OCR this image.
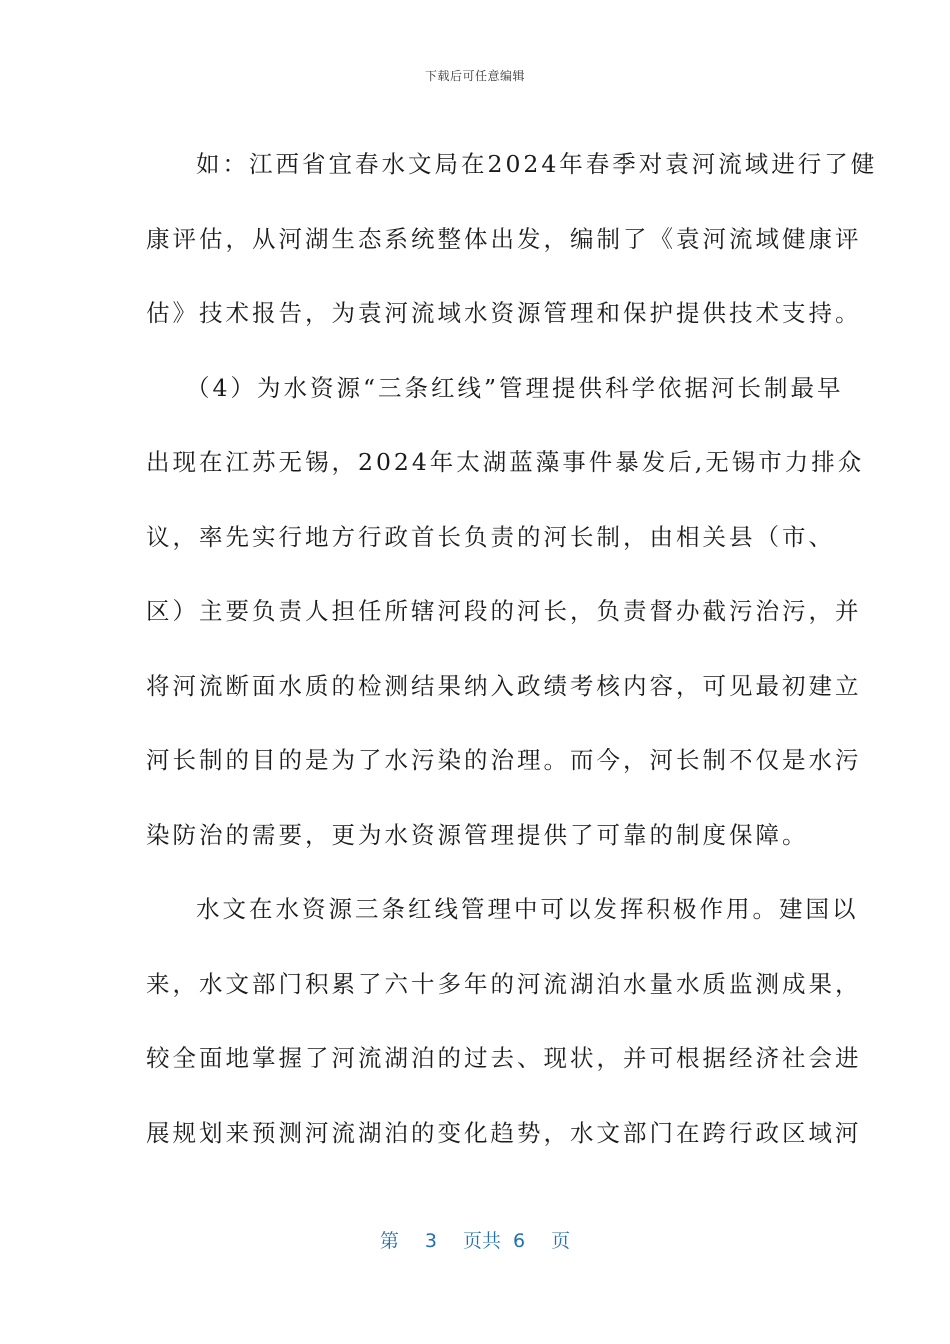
下载后可任意编辑
如：江西省宜春水文局在2024年春季对袁河流域进行了健
康评估，从河湖生态系统整体出发，编制了《袁河流域健康评
估》技术报告，为袁河流域水资源管理和保护提供技术支持。
（4）为水资源“三条红线”管理提供科学依据河长制最早
出现在江苏无锡，2024年太湖蓝藻事件暴发后,无锡市力排众
议，率先实行地方行政首长负责的河长制，由相关县（市、
区）主要负责人担任所辖河段的河长，负责督办截污治污，并
将河流断面水质的检测结果纳入政绩考核内容，可见最初建立
河长制的目的是为了水污染的治理。而今，河长制不仅是水污
染防治的需要，更为水资源管理提供了可靠的制度保障。
水文在水资源三条红线管理中可以发挥积极作用。建国以
来，水文部门积累了六十多年的河流湖泊水量水质监测成果，
较全面地掌握了河流湖泊的过去、现状，并可根据经济社会进
展规划来预测河流湖泊的变化趋势，水文部门在跨行政区域河
第 3 页共 6 页
